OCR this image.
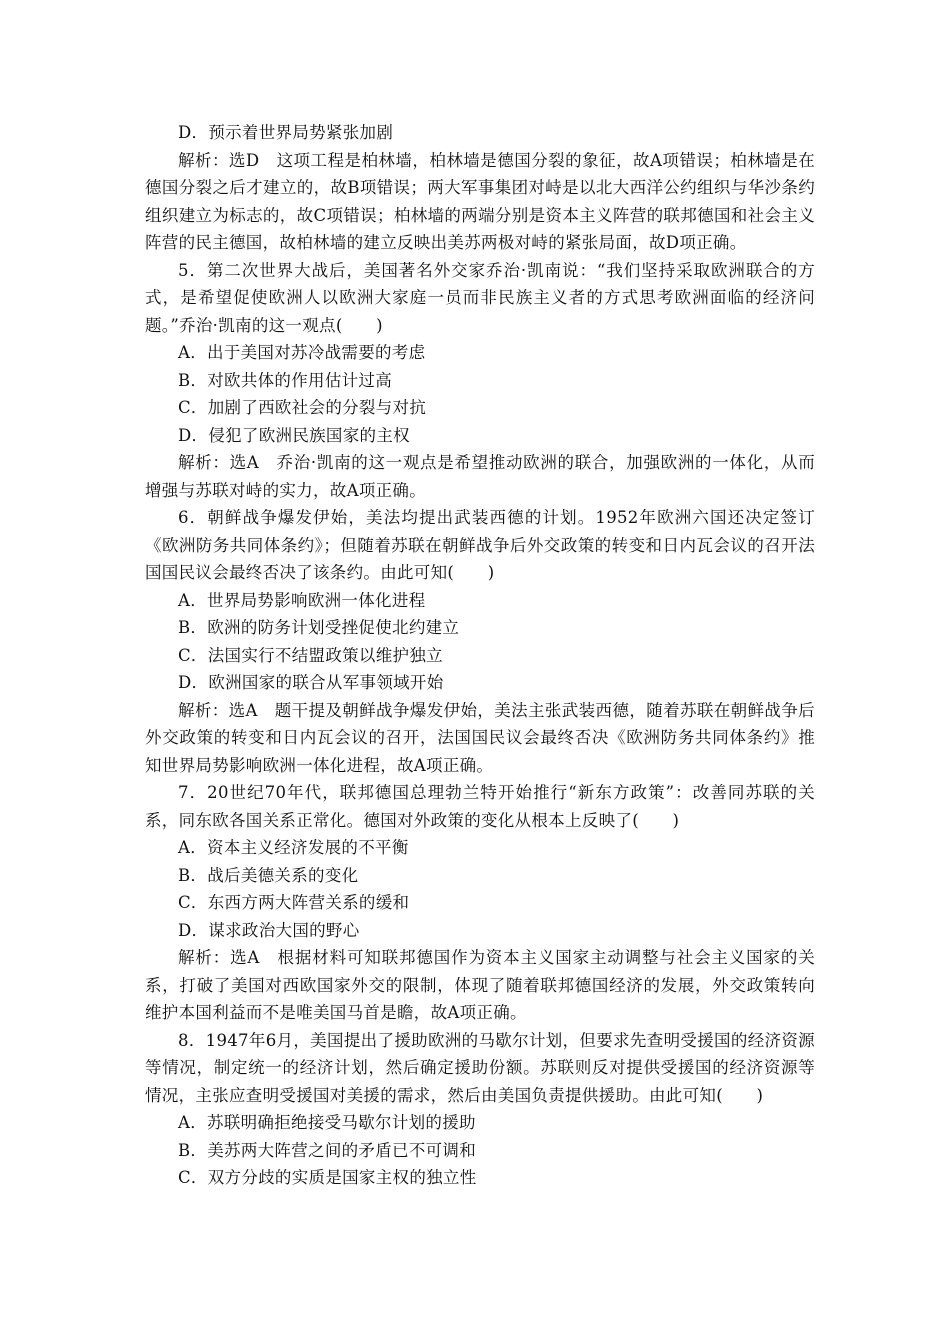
D．预示着世界局势紧张加剧

解析：选D　这项工程是柏林墙，柏林墙是德国分裂的象征，故A项错误；柏林墙是在德国分裂之后才建立的，故B项错误；两大军事集团对峙是以北大西洋公约组织与华沙条约组织建立为标志的，故C项错误；柏林墙的两端分别是资本主义阵营的联邦德国和社会主义阵营的民主德国，故柏林墙的建立反映出美苏两极对峙的紧张局面，故D项正确。

5．第二次世界大战后，美国著名外交家乔治·凯南说：“我们坚持采取欧洲联合的方式，是希望促使欧洲人以欧洲大家庭一员而非民族主义者的方式思考欧洲面临的经济问题。”乔治·凯南的这一观点(　　)

A．出于美国对苏冷战需要的考虑

B．对欧共体的作用估计过高

C．加剧了西欧社会的分裂与对抗

D．侵犯了欧洲民族国家的主权

解析：选A　乔治·凯南的这一观点是希望推动欧洲的联合，加强欧洲的一体化，从而增强与苏联对峙的实力，故A项正确。

6．朝鲜战争爆发伊始，美法均提出武装西德的计划。1952年欧洲六国还决定签订《欧洲防务共同体条约》；但随着苏联在朝鲜战争后外交政策的转变和日内瓦会议的召开法国国民议会最终否决了该条约。由此可知(　　)

A．世界局势影响欧洲一体化进程

B．欧洲的防务计划受挫促使北约建立

C．法国实行不结盟政策以维护独立

D．欧洲国家的联合从军事领域开始

解析：选A　题干提及朝鲜战争爆发伊始，美法主张武装西德，随着苏联在朝鲜战争后外交政策的转变和日内瓦会议的召开，法国国民议会最终否决《欧洲防务共同体条约》推知世界局势影响欧洲一体化进程，故A项正确。

7．20世纪70年代，联邦德国总理勃兰特开始推行“新东方政策”：改善同苏联的关系，同东欧各国关系正常化。德国对外政策的变化从根本上反映了(　　)

A．资本主义经济发展的不平衡

B．战后美德关系的变化

C．东西方两大阵营关系的缓和

D．谋求政治大国的野心

解析：选A　根据材料可知联邦德国作为资本主义国家主动调整与社会主义国家的关系，打破了美国对西欧国家外交的限制，体现了随着联邦德国经济的发展，外交政策转向维护本国利益而不是唯美国马首是瞻，故A项正确。

8．1947年6月，美国提出了援助欧洲的马歇尔计划，但要求先查明受援国的经济资源等情况，制定统一的经济计划，然后确定援助份额。苏联则反对提供受援国的经济资源等情况，主张应查明受援国对美援的需求，然后由美国负责提供援助。由此可知(　　)

A．苏联明确拒绝接受马歇尔计划的援助

B．美苏两大阵营之间的矛盾已不可调和

C．双方分歧的实质是国家主权的独立性
